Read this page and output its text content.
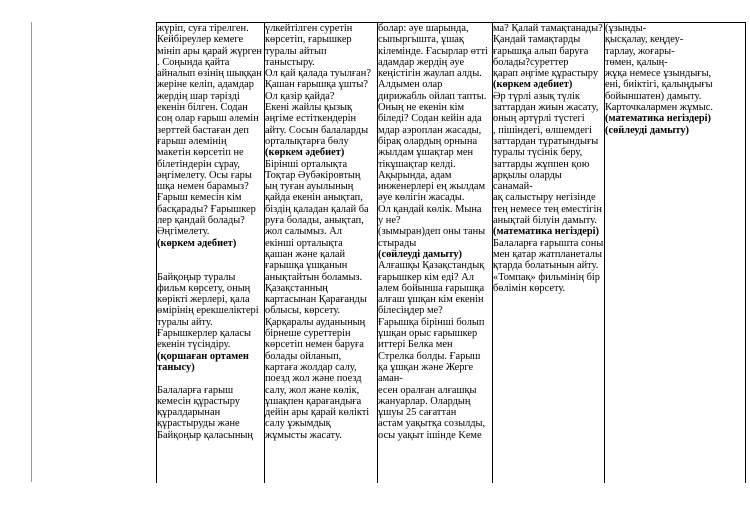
жүріп, суға тірелген.
Кейбіреулер кемеге
мініп ары қарай жүрген
. Соңында қайта
айналып өзінің шыққан
жеріне келіп, адамдар
жердің шар тәрізді
екенін білген. Содан
соң олар ғарыш әлемін
зерттей бастаған деп
ғарыш әлемінің
макетін көрсетіп не
білетіндерін сұрау,
әңгімелету. Осы ғары
шқа немен барамыз?
Ғарыш кемесін кім
басқарады? Ғарышкер
лер қандай болады?
Әңгімелету.
(көркем әдебиет)
Байқоңыр туралы
фильм көрсету, оның
көрікті жерлері, қала
өмірінің ерекшеліктері
туралы айту.
Ғарышкерлер қаласы
екенін түсіндіру.
(қоршаған ортамен
танысу)
Балаларға ғарыш
кемесін құрастыру
құралдарынан
құрастыруды және
Байқоңыр қаласының
үлкейтілген суретін
көрсетіп, ғарышкер
туралы айтып
таныстыру.
Ол қай қалада туылған?
Қашан ғарышқа ұшты?
Ол қазір қайда?
Екені жайлы қызық
әңгіме естіткендерін
айту. Сосын балаларды
орталықтарға бөлу
(көркем әдебиет)
Бірінші орталықта
Тоқтар Әубәкіровтың
ың туған ауылының
қайда екенін анықтап,
біздің қаладан қалай ба
руға болады, анықтап,
жол салымыз. Ал
екінші орталықта
қашан және қалай
ғарышқа ұшқанын
анықтайтын боламыз.
Қазақстанның
картасынан Қарағанды
облысы, көрсету.
Қарқаралы ауданының
бірнеше суреттерін
көрсетіп немен баруға
болады ойланып,
картаға жолдар салу,
поезд жол және поезд
салу, жол және көлік,
ұшақпен қарағандыға
дейін ары қарай көлікті
салу ұжымдық
жұмысты жасату.
болар: әуе шарында,
сыпыргышта, ұшақ
кілемінде. Ғасырлар өтті
адамдар жердің әуе
кеңістігін жаулап алды.
Алдымен олар
дирижабль ойлап тапты.
Оның не екенін кім
біледі? Содан кейін ада
мдар аэроплан жасады,
бірақ олардың орнына
жылдам ұшақтар мен
тікұшақтар келді.
Ақырында, адам
инженерлері ең жылдам
әуе көлігін жасады.
Ол қандай көлік. Мына
у не?
(зымыран)деп оны таны
стырады
(сөйлеуді дамыту)
Алғашқы Қазақстандық
ғарышкер кім еді? Ал
әлем бойынша ғарышқа
алғаш ұшқан кім екенін
білесіңдер ме?
Ғарышқа бірінші болып
ұшқан орыс ғарышкер
иттері Белка мен
Стрелка болды. Ғарыш
қа ұшқан және Жерге
аман-
есен оралған алғашқы
жануарлар. Олардың
ұшуы 25 сағаттан
астам уақытқа созылды,
осы уақыт ішінде Keме
ма? Қалай тамақтанады?
Қандай тамақтарды
ғарышқа алып баруға
болады?суреттер
қарап әңгіме құрастыру
(көркем әдебиет)
Әр түрлі азық түлік
заттардан жиын жасату,
оның әртүрлі түстегі
, пішіндегі, өлшемдегі
заттардан тұратындығы
туралы түсінік беру,
заттарды жұппен қою
арқылы оларды
санамай-
ақ салыстыру негізінде
тең немесе тең еместігін
анықтай білуін дамыту.
(математика негіздері)
Балаларға ғарышта соны
мен қатар жатпланеталы
қтарда болатынын айту.
«Томпақ» фильмінің бір
бөлімін көрсету.
(ұзынды-
қысқалау, кеңдеу-
тарлау, жоғары-
төмен, қалың-
жұқа немесе ұзындығы,
ені, биіктігі, қалыңдығы
бойыншатен) дамыту.
Карточкалармен жұмыс.
(математика негіздері)
(сөйлеуді дамыту)
